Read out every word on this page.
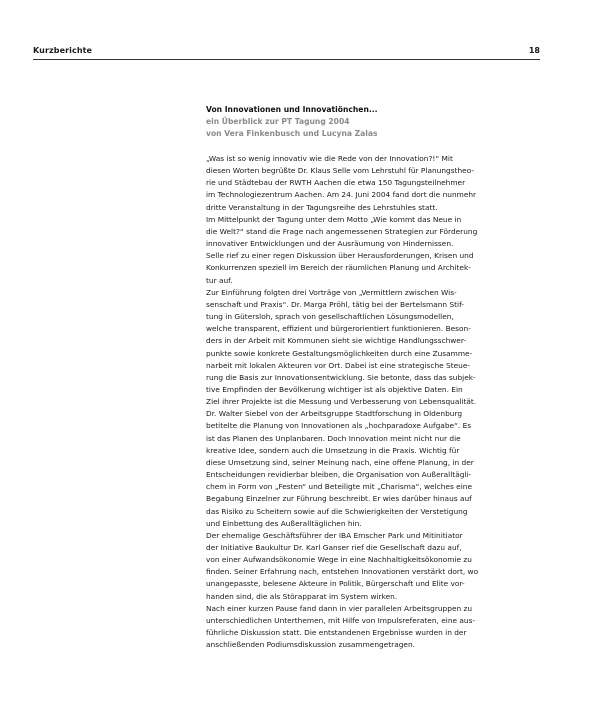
Kurzberichte	18
Von Innovationen und Innovatiönchen...
ein Überblick zur PT Tagung 2004
von Vera Finkenbusch und Lucyna Zalas
„Was ist so wenig innovativ wie die Rede von der Innovation?!“ Mit
diesen Worten begrüßte Dr. Klaus Selle vom Lehrstuhl für Planungstheo-
rie und Städtebau der RWTH Aachen die etwa 150 Tagungsteilnehmer
im Technologiezentrum Aachen. Am 24. Juni 2004 fand dort die nunmehr
dritte Veranstaltung in der Tagungsreihe des Lehrstuhles statt.
Im Mittelpunkt der Tagung unter dem Motto „Wie kommt das Neue in
die Welt?“ stand die Frage nach angemessenen Strategien zur Förderung
innovativer Entwicklungen und der Ausräumung von Hindernissen.
Selle rief zu einer regen Diskussion über Herausforderungen, Krisen und
Konkurrenzen speziell im Bereich der räumlichen Planung und Architek-
tur auf.
Zur Einführung folgten drei Vorträge von „Vermittlern zwischen Wis-
senschaft und Praxis“. Dr. Marga Pröhl, tätig bei der Bertelsmann Stif-
tung in Gütersloh, sprach von gesellschaftlichen Lösungsmodellen,
welche transparent, effizient und bürgerorientiert funktionieren. Beson-
ders in der Arbeit mit Kommunen sieht sie wichtige Handlungsschwer-
punkte sowie konkrete Gestaltungsmöglichkeiten durch eine Zusamme-
narbeit mit lokalen Akteuren vor Ort. Dabei ist eine strategische Steue-
rung die Basis zur Innovationsentwicklung. Sie betonte, dass das subjek-
tive Empfinden der Bevölkerung wichtiger ist als objektive Daten. Ein
Ziel ihrer Projekte ist die Messung und Verbesserung von Lebensqualität.
Dr. Walter Siebel von der Arbeitsgruppe Stadtforschung in Oldenburg
betitelte die Planung von Innovationen als „hochparadoxe Aufgabe“. Es
ist das Planen des Unplanbaren. Doch Innovation meint nicht nur die
kreative Idee, sondern auch die Umsetzung in die Praxis. Wichtig für
diese Umsetzung sind, seiner Meinung nach, eine offene Planung, in der
Entscheidungen revidierbar bleiben, die Organisation von Außeralltägli-
chem in Form von „Festen“ und Beteiligte mit „Charisma“, welches eine
Begabung Einzelner zur Führung beschreibt. Er wies darüber hinaus auf
das Risiko zu Scheitern sowie auf die Schwierigkeiten der Verstetigung
und Einbettung des Außeralltäglichen hin.
Der ehemalige Geschäftsführer der IBA Emscher Park und Mitinitiator
der Initiative Baukultur Dr. Karl Ganser rief die Gesellschaft dazu auf,
von einer Aufwandsökonomie Wege in eine Nachhaltigkeitsökonomie zu
finden. Seiner Erfahrung nach, entstehen Innovationen verstärkt dort, wo
unangepasste, belesene Akteure in Politik, Bürgerschaft und Elite vor-
handen sind, die als Störapparat im System wirken.
Nach einer kurzen Pause fand dann in vier parallelen Arbeitsgruppen zu
unterschiedlichen Unterthemen, mit Hilfe von Impulsreferaten, eine aus-
führliche Diskussion statt. Die entstandenen Ergebnisse wurden in der
anschließenden Podiumsdiskussion zusammengetragen.
